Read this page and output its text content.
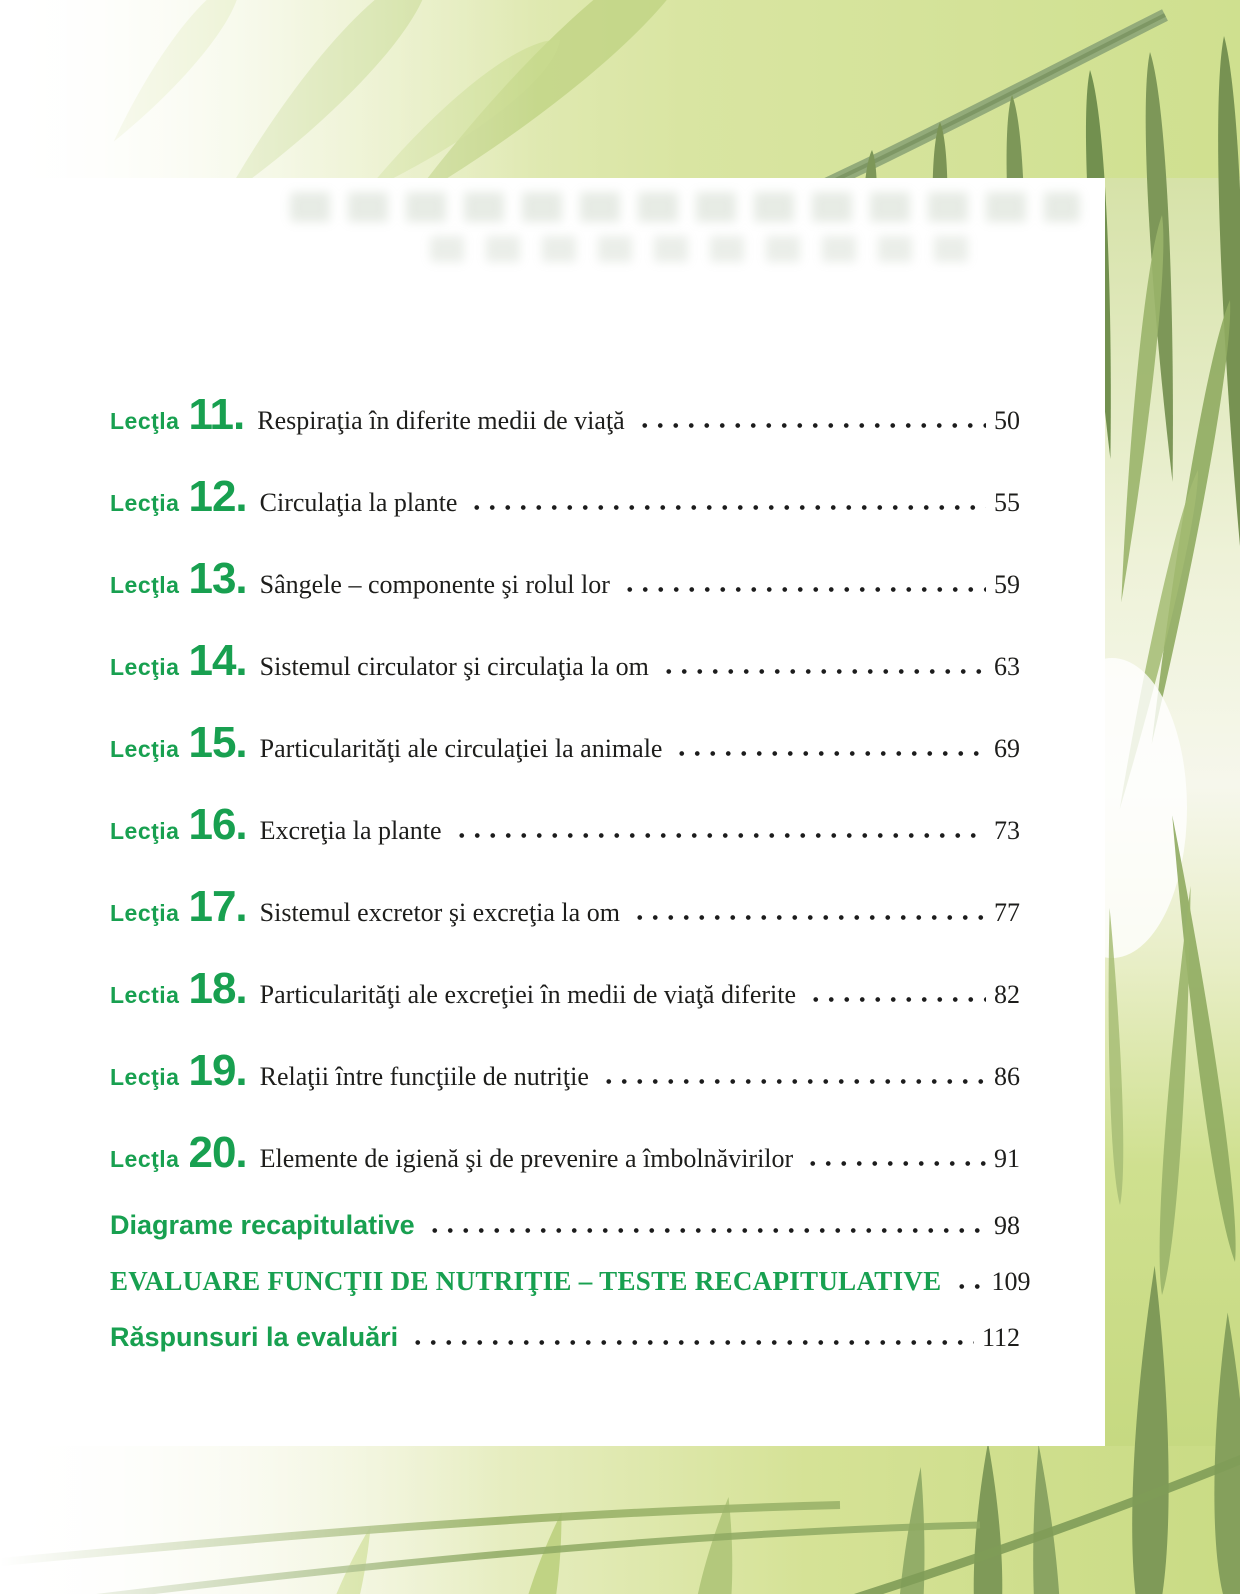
Lecţla 11. Respiraţia în diferite medii de viaţă	50
Lecţia 12. Circulaţia la plante	55
Lecţla 13. Sângele – componente şi rolul lor	59
Lecţia 14. Sistemul circulator şi circulaţia la om	63
Lecţia 15. Particularităţi ale circulaţiei la animale	69
Lecţia 16. Excreţia la plante	73
Lecţia 17. Sistemul excretor şi excreţia la om	77
Lectia 18. Particularităţi ale excreţiei în medii de viaţă diferite	82
Lecţia 19. Relaţii între funcţiile de nutriţie	86
Lecţla 20. Elemente de igienă şi de prevenire a îmbolnăvirilor	91
Diagrame recapitulative	98
EVALUARE FUNCŢII DE NUTRIŢIE – TESTE RECAPITULATIVE 109
Răspunsuri la evaluări	112
